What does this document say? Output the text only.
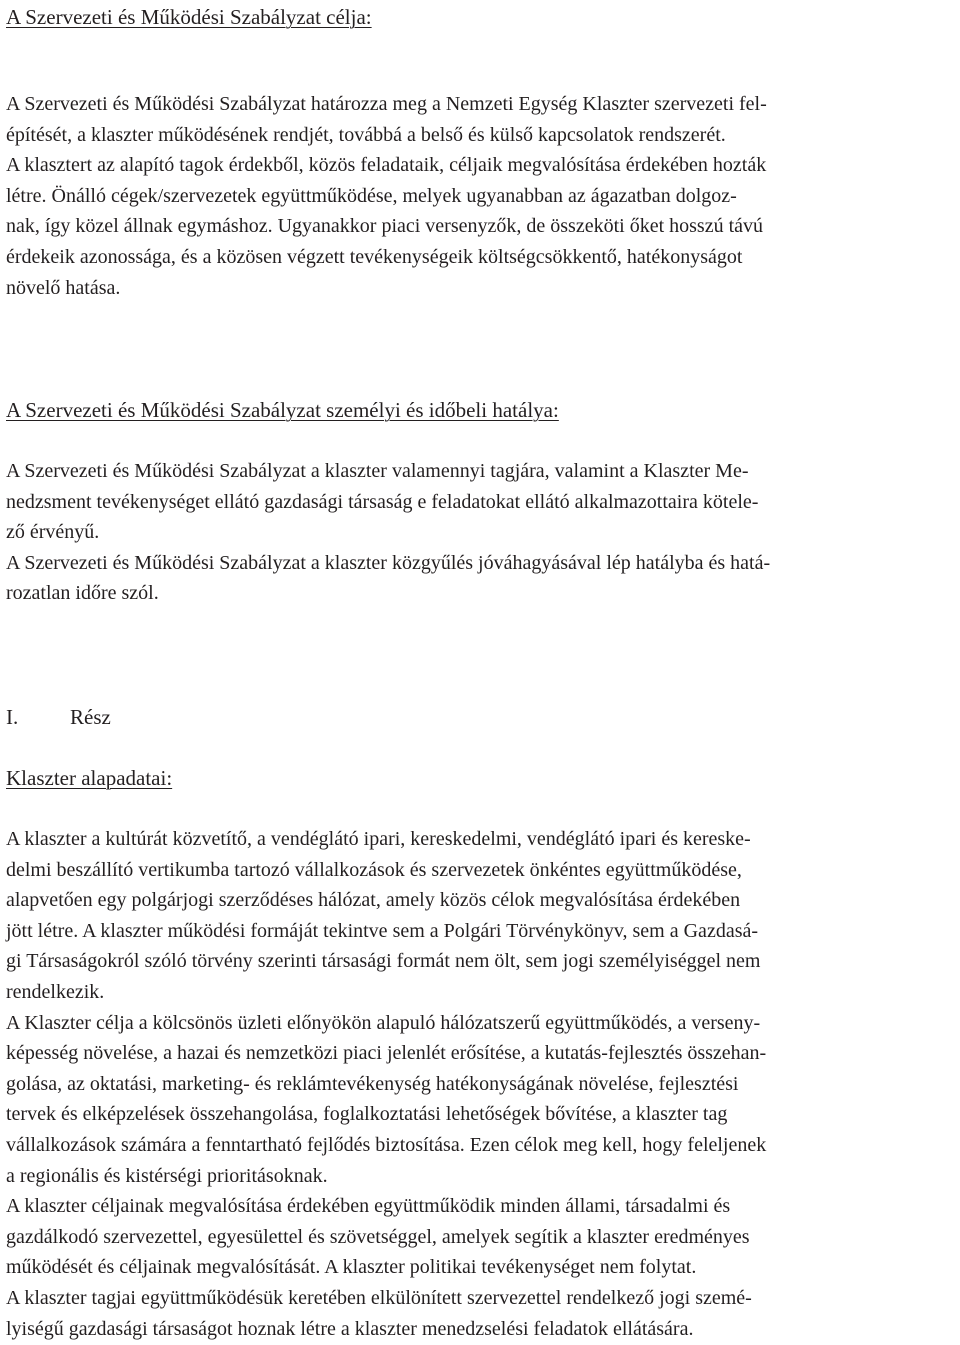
A Szervezeti és Működési Szabályzat célja:
A Szervezeti és Működési Szabályzat határozza meg a Nemzeti Egység Klaszter szervezeti fel-
építését, a klaszter működésének rendjét, továbbá a belső és külső kapcsolatok rendszerét.
A klasztert az alapító tagok érdekből, közös feladataik, céljaik megvalósítása érdekében hozták
létre. Önálló cégek/szervezetek együttműködése, melyek ugyanabban az ágazatban dolgoz-
nak, így közel állnak egymáshoz. Ugyanakkor piaci versenyzők, de összeköti őket hosszú távú
érdekeik azonossága, és a közösen végzett tevékenységeik költségcsökkentő, hatékonyságot
növelő hatása.
A Szervezeti és Működési Szabályzat személyi és időbeli hatálya:
A Szervezeti és Működési Szabályzat a klaszter valamennyi tagjára, valamint a Klaszter Me-
nedzsment tevékenységet ellátó gazdasági társaság e feladatokat ellátó alkalmazottaira kötele-
ző érvényű.
A Szervezeti és Működési Szabályzat a klaszter közgyűlés jóváhagyásával lép hatályba és hatá-
rozatlan időre szól.
I. Rész
Klaszter alapadatai:
A klaszter a kultúrát közvetítő, a vendéglátó ipari, kereskedelmi, vendéglátó ipari és kereske-
delmi beszállító vertikumba tartozó vállalkozások és szervezetek önkéntes együttműködése,
alapvetően egy polgárjogi szerződéses hálózat, amely közös célok megvalósítása érdekében
jött létre. A klaszter működési formáját tekintve sem a Polgári Törvénykönyv, sem a Gazdasá-
gi Társaságokról szóló törvény szerinti társasági formát nem ölt, sem jogi személyiséggel nem
rendelkezik.
A Klaszter célja a kölcsönös üzleti előnyökön alapuló hálózatszerű együttműködés, a verseny-
képesség növelése, a hazai és nemzetközi piaci jelenlét erősítése, a kutatás-fejlesztés összehan-
golása, az oktatási, marketing- és reklámtevékenység hatékonyságának növelése, fejlesztési
tervek és elképzelések összehangolása, foglalkoztatási lehetőségek bővítése, a klaszter tag
vállalkozások számára a fenntartható fejlődés biztosítása. Ezen célok meg kell, hogy feleljenek
a regionális és kistérségi prioritásoknak.
A klaszter céljainak megvalósítása érdekében együttműködik minden állami, társadalmi és
gazdálkodó szervezettel, egyesülettel és szövetséggel, amelyek segítik a klaszter eredményes
működését és céljainak megvalósítását. A klaszter politikai tevékenységet nem folytat.
A klaszter tagjai együttműködésük keretében elkülönített szervezettel rendelkező jogi szemé-
lyiségű gazdasági társaságot hoznak létre a klaszter menedzselési feladatok ellátására.
